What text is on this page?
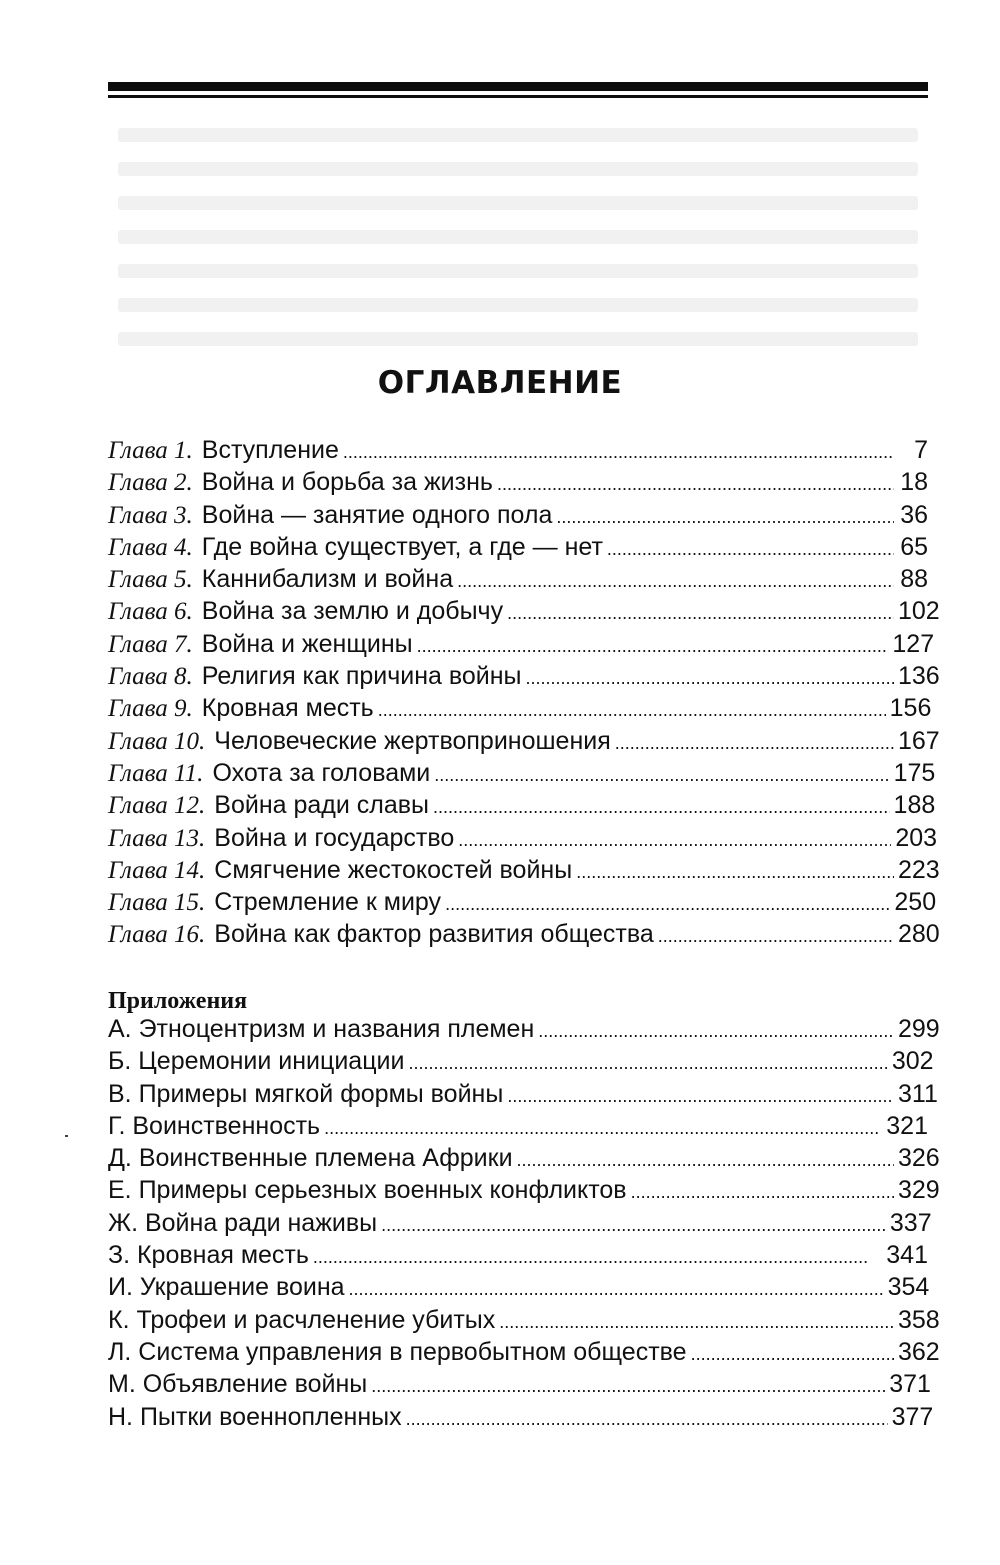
ОГЛАВЛЕНИЕ
Глава 1. Вступление . . .	7
Глава 2. Война и борьба за жизнь . . .	18
Глава 3. Война — занятие одного пола . . .	36
Глава 4. Где война существует, а где — нет . . .	65
Глава 5. Каннибализм и война . . .	88
Глава 6. Война за землю и добычу . . .	102
Глава 7. Война и женщины . . .	127
Глава 8. Религия как причина войны . . .	136
Глава 9. Кровная месть . . .	156
Глава 10. Человеческие жертвоприношения . . .	167
Глава 11. Охота за головами . . .	175
Глава 12. Война ради славы . . .	188
Глава 13. Война и государство . . .	203
Глава 14. Смягчение жестокостей войны . . .	223
Глава 15. Стремление к миру . . .	250
Глава 16. Война как фактор развития общества . . .	280
Приложения
А. Этноцентризм и названия племен . . .	299
Б. Церемонии инициации . . .	302
В. Примеры мягкой формы войны . . .	311
Г. Воинственность . . .	321
Д. Воинственные племена Африки . . .	326
Е. Примеры серьезных военных конфликтов . . .	329
Ж. Война ради наживы . . .	337
З. Кровная месть . . .	341
И. Украшение воина . . .	354
К. Трофеи и расчленение убитых . . .	358
Л. Система управления в первобытном обществе . . .	362
М. Объявление войны . . .	371
Н. Пытки военнопленных . . .	377
